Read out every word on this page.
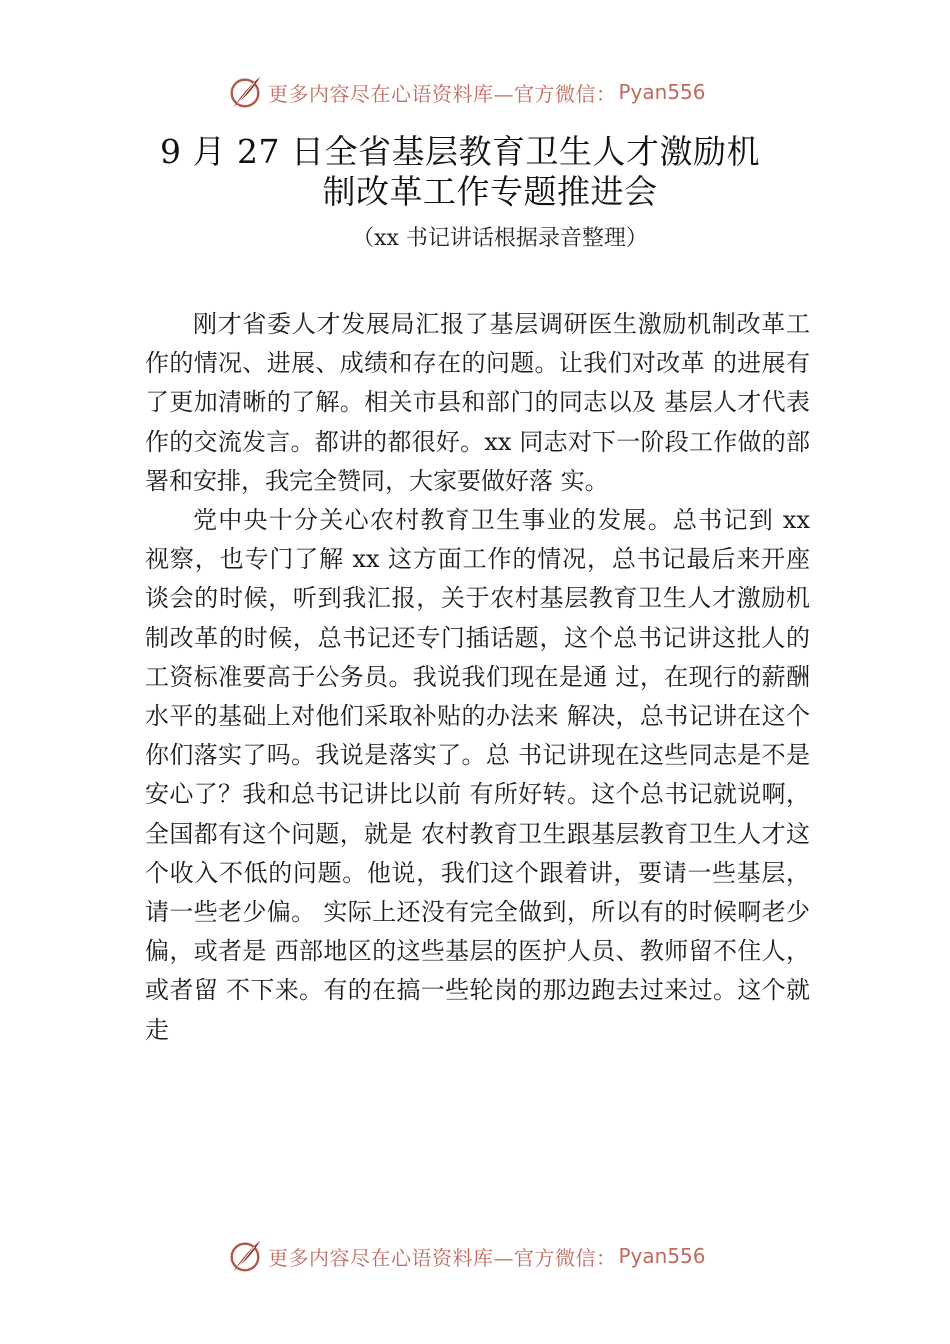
更多内容尽在心语资料库—官方微信： Pyan556
9 月 27 日全省基层教育卫生人才激励机
制改革工作专题推进会
（xx 书记讲话根据录音整理）

刚才省委人才发展局汇报了基层调研医生激励机制改革工作的情况、进展、成绩和存在的问题。让我们对改革 的进展有了更加清晰的了解。相关市县和部门的同志以及 基层人才代表作的交流发言。都讲的都很好。xx 同志对下一阶段工作做的部署和安排，我完全赞同，大家要做好落 实。

党中央十分关心农村教育卫生事业的发展。总书记到 xx 视察，也专门了解 xx 这方面工作的情况，总书记最后来开座谈会的时候，听到我汇报，关于农村基层教育卫生人才激励机制改革的时候，总书记还专门插话题，这个总书记讲这批人的工资标准要高于公务员。我说我们现在是通 过，在现行的薪酬水平的基础上对他们采取补贴的办法来 解决，总书记讲在这个你们落实了吗。我说是落实了。总 书记讲现在这些同志是不是安心了？我和总书记讲比以前 有所好转。这个总书记就说啊，全国都有这个问题，就是 农村教育卫生跟基层教育卫生人才这个收入不低的问题。他说，我们这个跟着讲，要请一些基层，请一些老少偏。 实际上还没有完全做到，所以有的时候啊老少偏，或者是 西部地区的这些基层的医护人员、教师留不住人，或者留 不下来。有的在搞一些轮岗的那边跑去过来过。这个就走

更多内容尽在心语资料库—官方微信： Pyan556
